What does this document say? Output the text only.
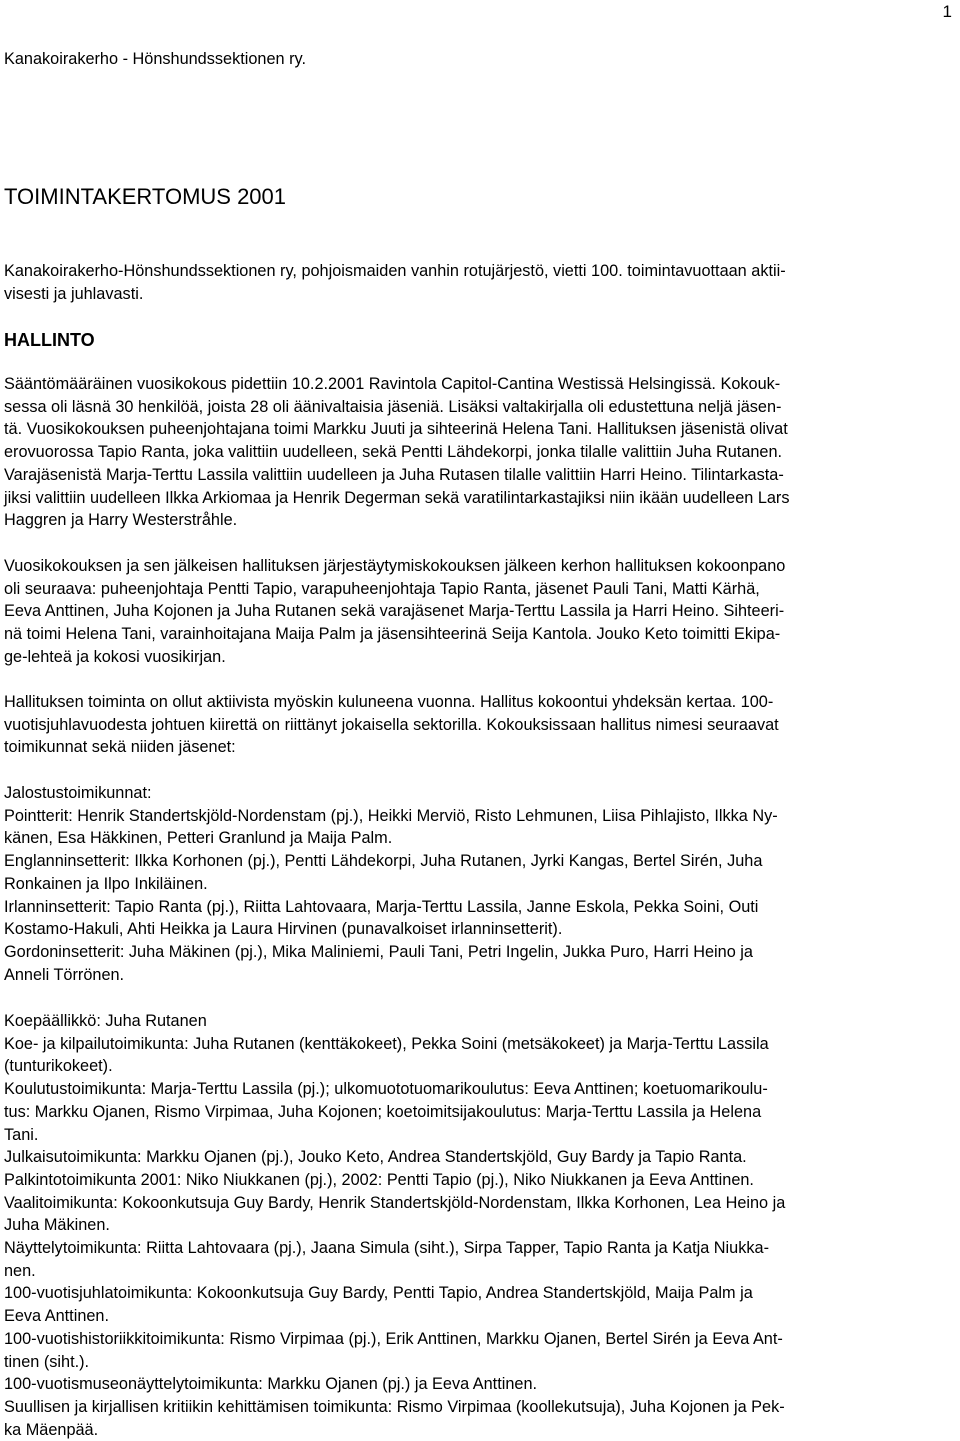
1
Kanakoirakerho - Hönshundssektionen ry.
TOIMINTAKERTOMUS 2001
Kanakoirakerho-Hönshundssektionen ry, pohjoismaiden vanhin rotujärjestö, vietti 100. toimintavuottaan aktii-
visesti ja juhlavasti.
HALLINTO
Sääntömääräinen vuosikokous pidettiin 10.2.2001 Ravintola Capitol-Cantina Westissä Helsingissä. Kokouk-
sessa oli läsnä 30 henkilöä, joista 28 oli äänivaltaisia jäseniä. Lisäksi valtakirjalla oli edustettuna neljä jäsen-
tä. Vuosikokouksen puheenjohtajana toimi Markku Juuti ja sihteerinä Helena Tani. Hallituksen jäsenistä olivat
erovuorossa Tapio Ranta, joka valittiin uudelleen, sekä Pentti Lähdekorpi, jonka tilalle valittiin Juha Rutanen.
Varajäsenistä Marja-Terttu Lassila valittiin uudelleen ja Juha Rutasen tilalle valittiin Harri Heino. Tilintarkasta-
jiksi valittiin uudelleen Ilkka Arkiomaa ja Henrik Degerman sekä varatilintarkastajiksi niin ikään uudelleen Lars
Haggren ja Harry Westerstråhle.
Vuosikokouksen ja sen jälkeisen hallituksen järjestäytymiskokouksen jälkeen kerhon hallituksen kokoonpano
oli seuraava: puheenjohtaja Pentti Tapio, varapuheenjohtaja Tapio Ranta, jäsenet Pauli Tani, Matti Kärhä,
Eeva Anttinen, Juha Kojonen ja Juha Rutanen sekä varajäsenet Marja-Terttu Lassila ja Harri Heino. Sihteeri-
nä toimi Helena Tani, varainhoitajana Maija Palm ja jäsensihteerinä Seija Kantola. Jouko Keto toimitti Ekipa-
ge-lehteä ja kokosi vuosikirjan.
Hallituksen toiminta on ollut aktiivista myöskin kuluneena vuonna. Hallitus kokoontui yhdeksän kertaa. 100-
vuotisjuhlavuodesta johtuen kiirettä on riittänyt jokaisella sektorilla. Kokouksissaan hallitus nimesi seuraavat
toimikunnat sekä niiden jäsenet:
Jalostustoimikunnat:
Pointterit: Henrik Standertskjöld-Nordenstam (pj.), Heikki Merviö, Risto Lehmunen, Liisa Pihlajisto, Ilkka Ny-
känen, Esa Häkkinen, Petteri Granlund ja Maija Palm.
Englanninsetterit: Ilkka Korhonen (pj.), Pentti Lähdekorpi, Juha Rutanen, Jyrki Kangas, Bertel Sirén, Juha
Ronkainen ja Ilpo Inkiläinen.
Irlanninsetterit: Tapio Ranta (pj.), Riitta Lahtovaara, Marja-Terttu Lassila, Janne Eskola, Pekka Soini, Outi
Kostamo-Hakuli, Ahti Heikka ja Laura Hirvinen (punavalkoiset irlanninsetterit).
Gordoninsetterit: Juha Mäkinen (pj.), Mika Maliniemi, Pauli Tani, Petri Ingelin, Jukka Puro, Harri Heino ja
Anneli Törrönen.
Koepäällikkö: Juha Rutanen
Koe- ja kilpailutoimikunta: Juha Rutanen (kenttäkokeet), Pekka Soini (metsäkokeet) ja Marja-Terttu Lassila
(tunturikokeet).
Koulutustoimikunta: Marja-Terttu Lassila (pj.); ulkomuototuomarikoulutus: Eeva Anttinen; koetuomarikoulu-
tus: Markku Ojanen, Rismo Virpimaa, Juha Kojonen; koetoimitsijakoulutus: Marja-Terttu Lassila ja Helena
Tani.
Julkaisutoimikunta: Markku Ojanen (pj.), Jouko Keto, Andrea Standertskjöld, Guy Bardy ja Tapio Ranta.
Palkintotoimikunta 2001: Niko Niukkanen (pj.), 2002: Pentti Tapio (pj.), Niko Niukkanen ja Eeva Anttinen.
Vaalitoimikunta: Kokoonkutsuja Guy Bardy, Henrik Standertskjöld-Nordenstam, Ilkka Korhonen, Lea Heino ja
Juha Mäkinen.
Näyttelytoimikunta: Riitta Lahtovaara (pj.), Jaana Simula (siht.), Sirpa Tapper, Tapio Ranta ja Katja Niukka-
nen.
100-vuotisjuhlatoimikunta: Kokoonkutsuja Guy Bardy, Pentti Tapio, Andrea Standertskjöld, Maija Palm ja
Eeva Anttinen.
100-vuotishistoriikkitoimikunta: Rismo Virpimaa (pj.), Erik Anttinen, Markku Ojanen, Bertel Sirén ja Eeva Ant-
tinen (siht.).
100-vuotismuseonäyttelytoimikunta: Markku Ojanen (pj.) ja Eeva Anttinen.
Suullisen ja kirjallisen kritiikin kehittämisen toimikunta: Rismo Virpimaa (koollekutsuja), Juha Kojonen ja Pek-
ka Mäenpää.
